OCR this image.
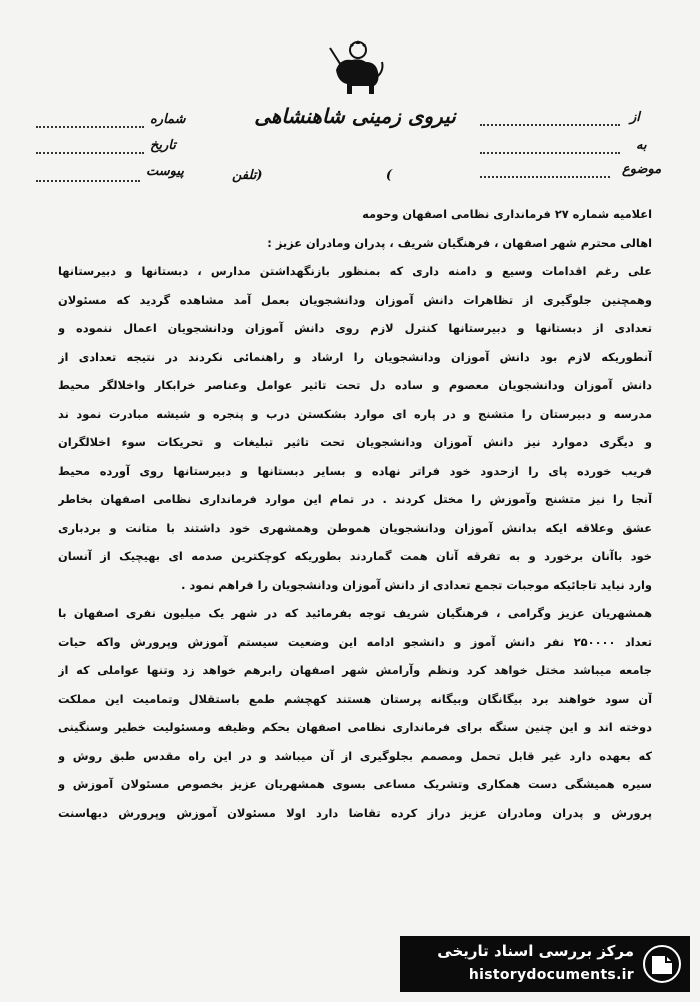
نیروی زمینی شاهنشاهی	از
به
موضوع
شماره
تاریخ
پیوست	)
(تلفن
اعلامیه شماره ۲۷ فرمانداری نظامی اصفهان وحومه
اهالی محترم شهر اصفهان ، فرهنگیان شریف ، پدران ومادران عزیز :
علی رغم اقدامات وسیع و دامنه داری که بمنظور بازنگهداشتن مدارس ، دبستانها و دبیرستانها
وهمچنین جلوگیری از تظاهرات دانش آموزان ودانشجویان بعمل آمد مشاهده گردید که مسئولان
تعدادی از دبستانها و دبیرستانها کنترل لازم روی دانش آموزان ودانشجویان اعمال ننموده و
آنطوریکه لازم بود دانش آموزان ودانشجویان را ارشاد و راهنمائی نکردند در نتیجه تعدادی از
دانش آموزان ودانشجویان معصوم و ساده دل تحت تاثیر عوامل وعناصر خرابکار واخلالگر محیط
مدرسه و دبیرستان را متشنج و در پاره ای موارد بشکستن درب و پنجره و شیشه مبادرت نمود ند
و دیگری دموارد نیز دانش آموزان ودانشجویان تحت تاثیر تبلیغات و تحریکات سوء اخلالگران
فریب خورده پای را ازحدود خود فراتر نهاده و بسایر دبستانها و دبیرستانها روی آورده محیط
آنجا را نیز متشنج وآموزش را مختل کردند . در تمام این موارد فرمانداری نظامی اصفهان بخاطر
عشق وعلاقه ایکه بدانش آموزان ودانشجویان هموطن وهمشهری خود داشتند با متانت و بردباری
خود باآنان برخورد و به تفرقه آنان همت گماردند بطوریکه کوچکترین صدمه ای بهیچیک از آنسان
وارد نیاید تاجائیکه موجبات تجمع تعدادی از دانش آموزان ودانشجویان را فراهم نمود .
همشهریان عزیز وگرامی ، فرهنگیان شریف توجه بفرمائید که در شهر یک میلیون نفری اصفهان با
تعداد ۲۵۰۰۰۰ نفر دانش آموز و دانشجو ادامه این وضعیت سیستم آموزش وپرورش واکه حیات
جامعه میباشد مختل خواهد کرد ونظم وآرامش شهر اصفهان رابرهم خواهد زد وتنها عواملی که از
آن سود خواهند برد بیگانگان وبیگانه پرستان هستند کهچشم طمع باستقلال وتمامیت این مملکت
دوخته اند و این چنین ستگه برای فرمانداری نظامی اصفهان بحکم وظیفه ومسئولیت خطیر وسنگینی
که بعهده دارد غیر قابل تحمل ومصمم بجلوگیری از آن میباشد و در این راه مقدس طبق روش و
سیره همیشگی دست همکاری وتشریک مساعی بسوی همشهریان عزیز بخصوص مسئولان آموزش و
پرورش و پدران ومادران عزیز دراز کرده تقاضا دارد اولا مسئولان آموزش وپرورش دبهاسنت
مرکز بررسی اسناد تاریخی
historydocuments.ir
